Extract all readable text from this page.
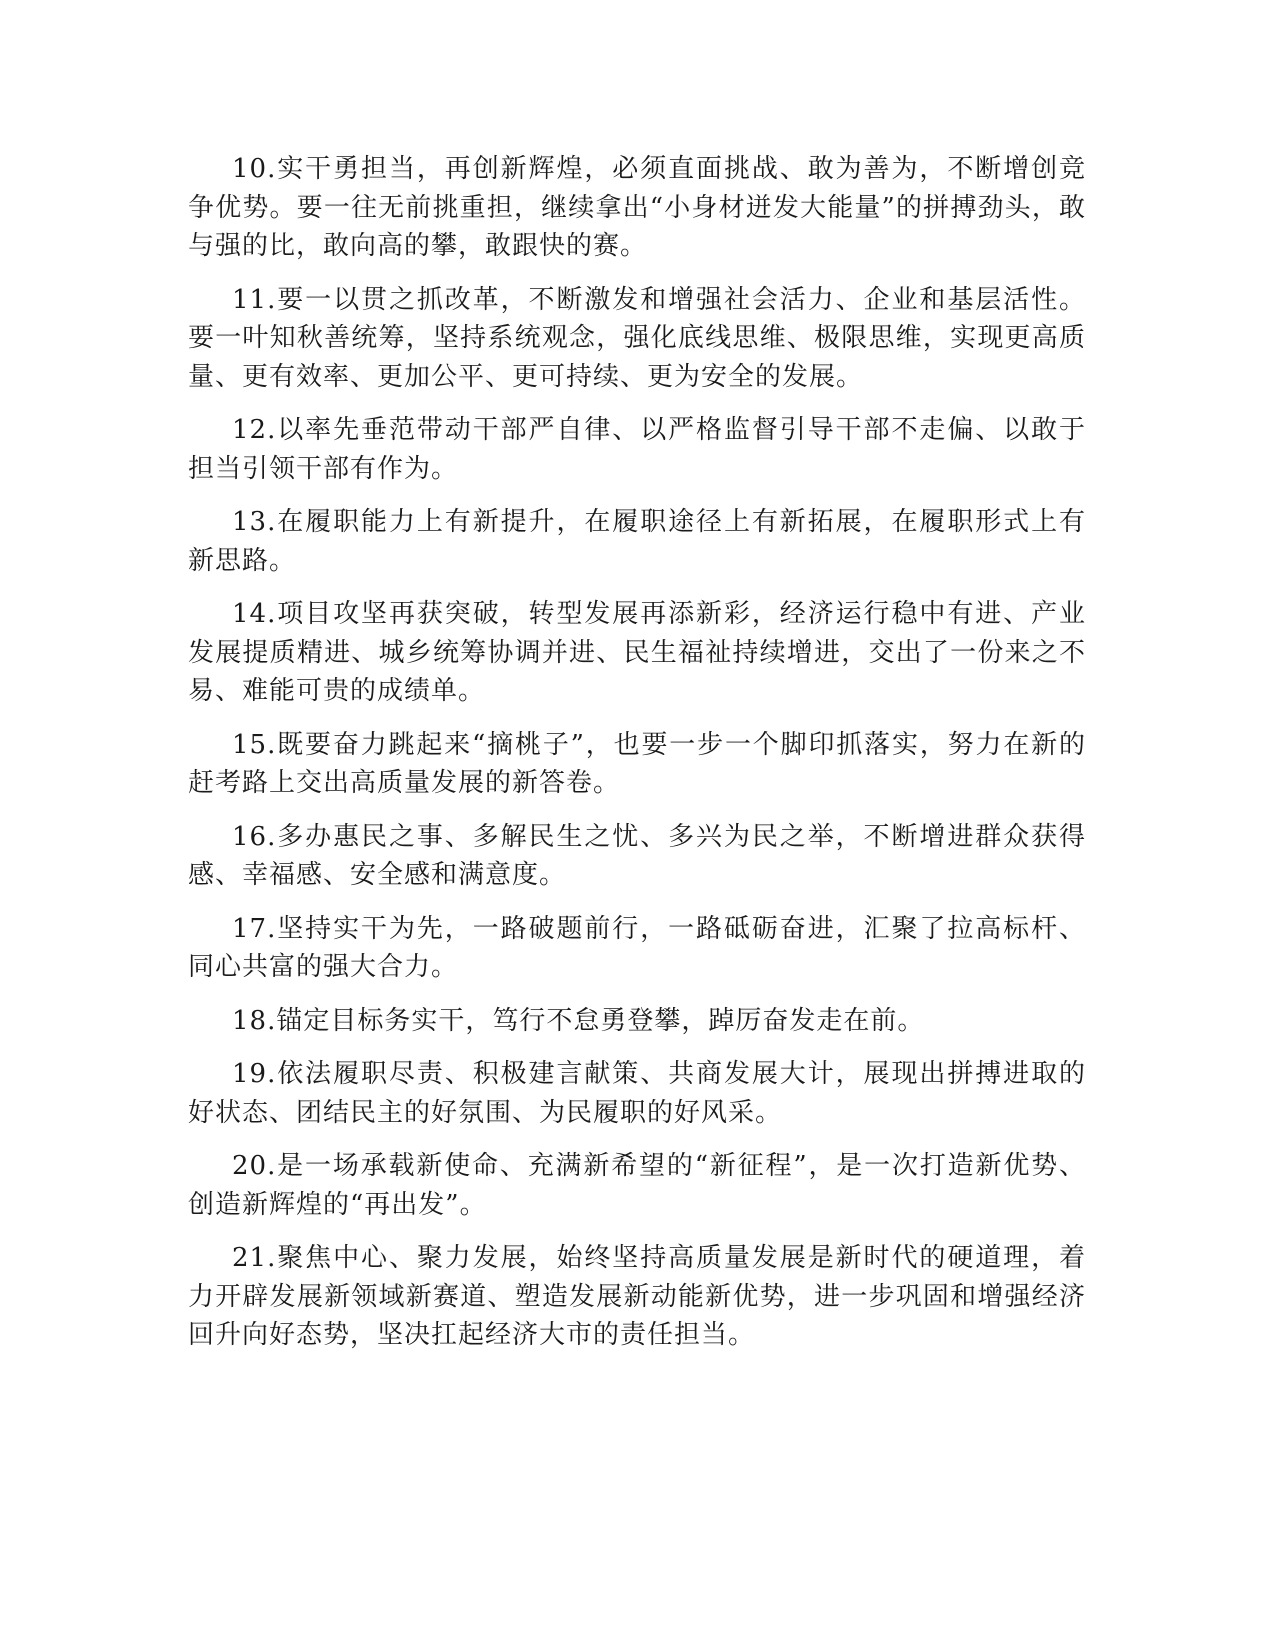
10.实干勇担当，再创新辉煌，必须直面挑战、敢为善为，不断增创竞争优势。要一往无前挑重担，继续拿出“小身材迸发大能量”的拼搏劲头，敢与强的比，敢向高的攀，敢跟快的赛。

11.要一以贯之抓改革，不断激发和增强社会活力、企业和基层活性。要一叶知秋善统筹，坚持系统观念，强化底线思维、极限思维，实现更高质量、更有效率、更加公平、更可持续、更为安全的发展。

12.以率先垂范带动干部严自律、以严格监督引导干部不走偏、以敢于担当引领干部有作为。

13.在履职能力上有新提升，在履职途径上有新拓展，在履职形式上有新思路。

14.项目攻坚再获突破，转型发展再添新彩，经济运行稳中有进、产业发展提质精进、城乡统筹协调并进、民生福祉持续增进，交出了一份来之不易、难能可贵的成绩单。

15.既要奋力跳起来“摘桃子”，也要一步一个脚印抓落实，努力在新的赶考路上交出高质量发展的新答卷。

16.多办惠民之事、多解民生之忧、多兴为民之举，不断增进群众获得感、幸福感、安全感和满意度。

17.坚持实干为先，一路破题前行，一路砥砺奋进，汇聚了拉高标杆、同心共富的强大合力。

18.锚定目标务实干，笃行不怠勇登攀，踔厉奋发走在前。

19.依法履职尽责、积极建言献策、共商发展大计，展现出拼搏进取的好状态、团结民主的好氛围、为民履职的好风采。

20.是一场承载新使命、充满新希望的“新征程”，是一次打造新优势、创造新辉煌的“再出发”。

21.聚焦中心、聚力发展，始终坚持高质量发展是新时代的硬道理，着力开辟发展新领域新赛道、塑造发展新动能新优势，进一步巩固和增强经济回升向好态势，坚决扛起经济大市的责任担当。
